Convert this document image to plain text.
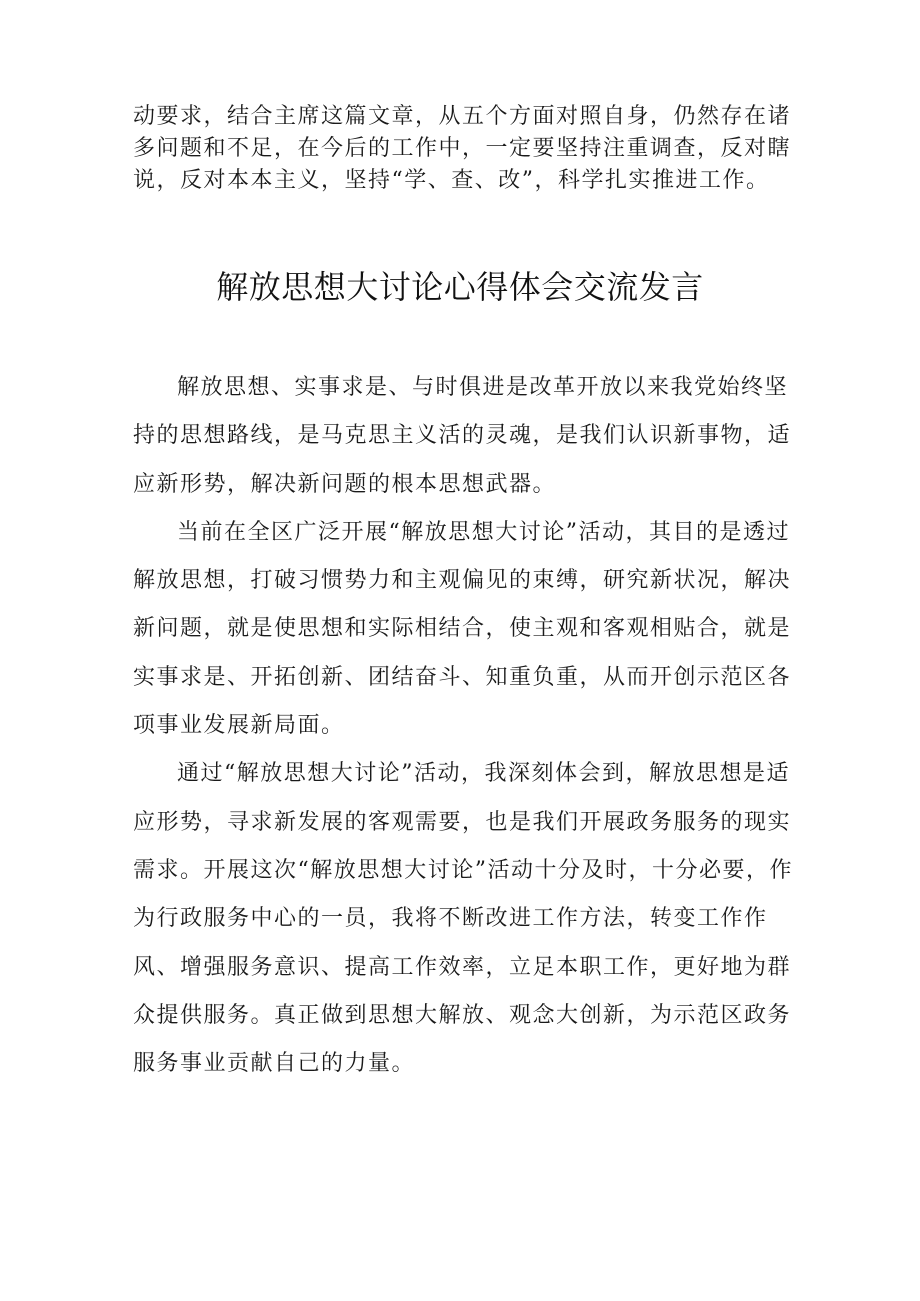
动要求，结合主席这篇文章，从五个方面对照自身，仍然存在诸多问题和不足，在今后的工作中，一定要坚持注重调查，反对瞎说，反对本本主义，坚持“学、查、改”，科学扎实推进工作。
解放思想大讨论心得体会交流发言

解放思想、实事求是、与时俱进是改革开放以来我党始终坚持的思想路线，是马克思主义活的灵魂，是我们认识新事物，适应新形势，解决新问题的根本思想武器。

当前在全区广泛开展“解放思想大讨论”活动，其目的是透过解放思想，打破习惯势力和主观偏见的束缚，研究新状况，解决新问题，就是使思想和实际相结合，使主观和客观相贴合，就是实事求是、开拓创新、团结奋斗、知重负重，从而开创示范区各项事业发展新局面。

通过“解放思想大讨论”活动，我深刻体会到，解放思想是适应形势，寻求新发展的客观需要，也是我们开展政务服务的现实需求。开展这次“解放思想大讨论”活动十分及时，十分必要，作为行政服务中心的一员，我将不断改进工作方法，转变工作作风、增强服务意识、提高工作效率，立足本职工作，更好地为群众提供服务。真正做到思想大解放、观念大创新，为示范区政务服务事业贡献自己的力量。
